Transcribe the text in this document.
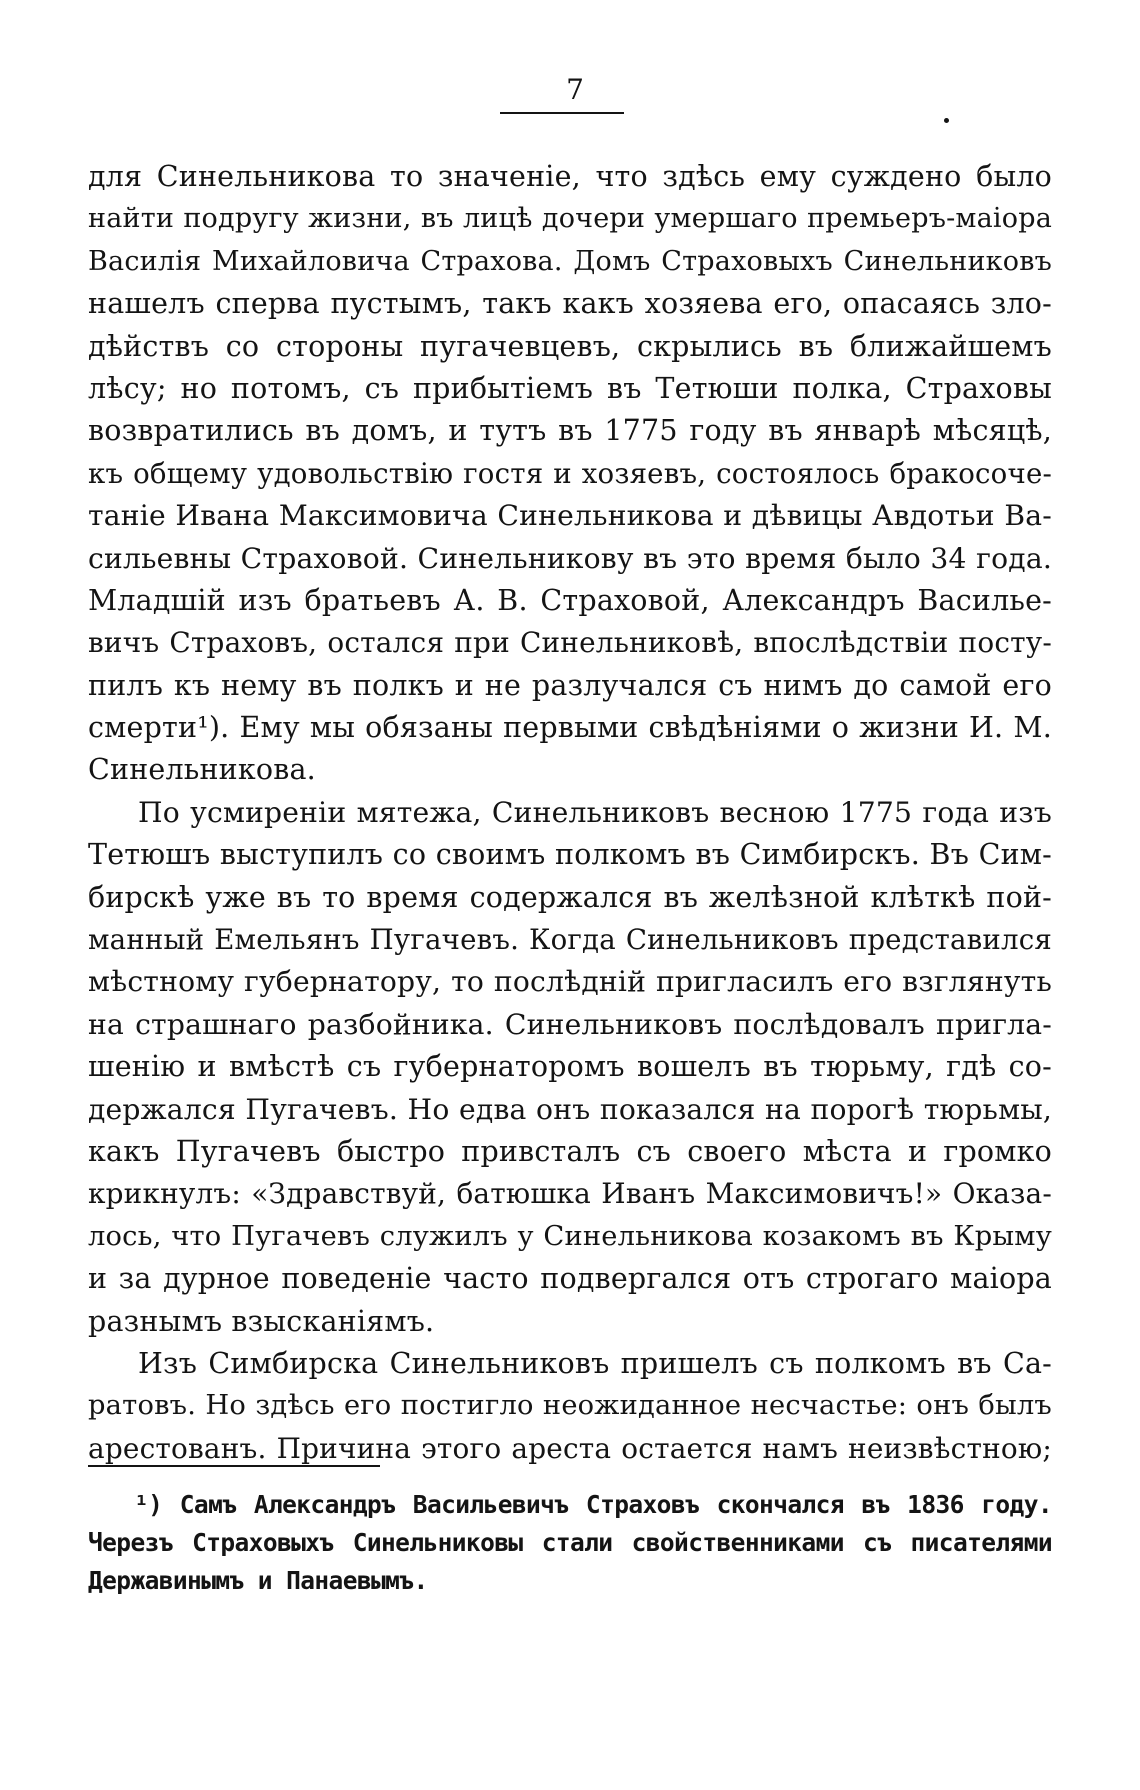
7
для Синельникова то значеніе, что здѣсь ему суждено было
найти подругу жизни, въ лицѣ дочери умершаго премьеръ-маіора
Василія Михайловича Страхова. Домъ Страховыхъ Синельниковъ
нашелъ сперва пустымъ, такъ какъ хозяева его, опасаясь зло-
дѣйствъ со стороны пугачевцевъ, скрылись въ ближайшемъ
лѣсу; но потомъ, съ прибытіемъ въ Тетюши полка, Страховы
возвратились въ домъ, и тутъ въ 1775 году въ январѣ мѣсяцѣ,
къ общему удовольствію гостя и хозяевъ, состоялось бракосоче-
таніе Ивана Максимовича Синельникова и дѣвицы Авдотьи Ва-
сильевны Страховой. Синельникову въ это время было 34 года.
Младшій изъ братьевъ А. В. Страховой, Александръ Василье-
вичъ Страховъ, остался при Синельниковѣ, впослѣдствіи посту-
пилъ къ нему въ полкъ и не разлучался съ нимъ до самой его
смерти¹). Ему мы обязаны первыми свѣдѣніями о жизни И. М.
Синельникова.
По усмиреніи мятежа, Синельниковъ весною 1775 года изъ
Тетюшъ выступилъ со своимъ полкомъ въ Симбирскъ. Въ Сим-
бирскѣ уже въ то время содержался въ желѣзной клѣткѣ пой-
манный Емельянъ Пугачевъ. Когда Синельниковъ представился
мѣстному губернатору, то послѣдній пригласилъ его взглянуть
на страшнаго разбойника. Синельниковъ послѣдовалъ пригла-
шенію и вмѣстѣ съ губернаторомъ вошелъ въ тюрьму, гдѣ со-
держался Пугачевъ. Но едва онъ показался на порогѣ тюрьмы,
какъ Пугачевъ быстро привсталъ съ своего мѣста и громко
крикнулъ: «Здравствуй, батюшка Иванъ Максимовичъ!» Оказа-
лось, что Пугачевъ служилъ у Синельникова козакомъ въ Крыму
и за дурное поведеніе часто подвергался отъ строгаго маіора
разнымъ взысканіямъ.
Изъ Симбирска Синельниковъ пришелъ съ полкомъ въ Са-
ратовъ. Но здѣсь его постигло неожиданное несчастье: онъ былъ
арестованъ. Причина этого ареста остается намъ неизвѣстною;
¹) Самъ Александръ Васильевичъ Страховъ скончался въ 1836 году.
Черезъ Страховыхъ Синельниковы стали свойственниками съ писателями
Державинымъ и Панаевымъ.
